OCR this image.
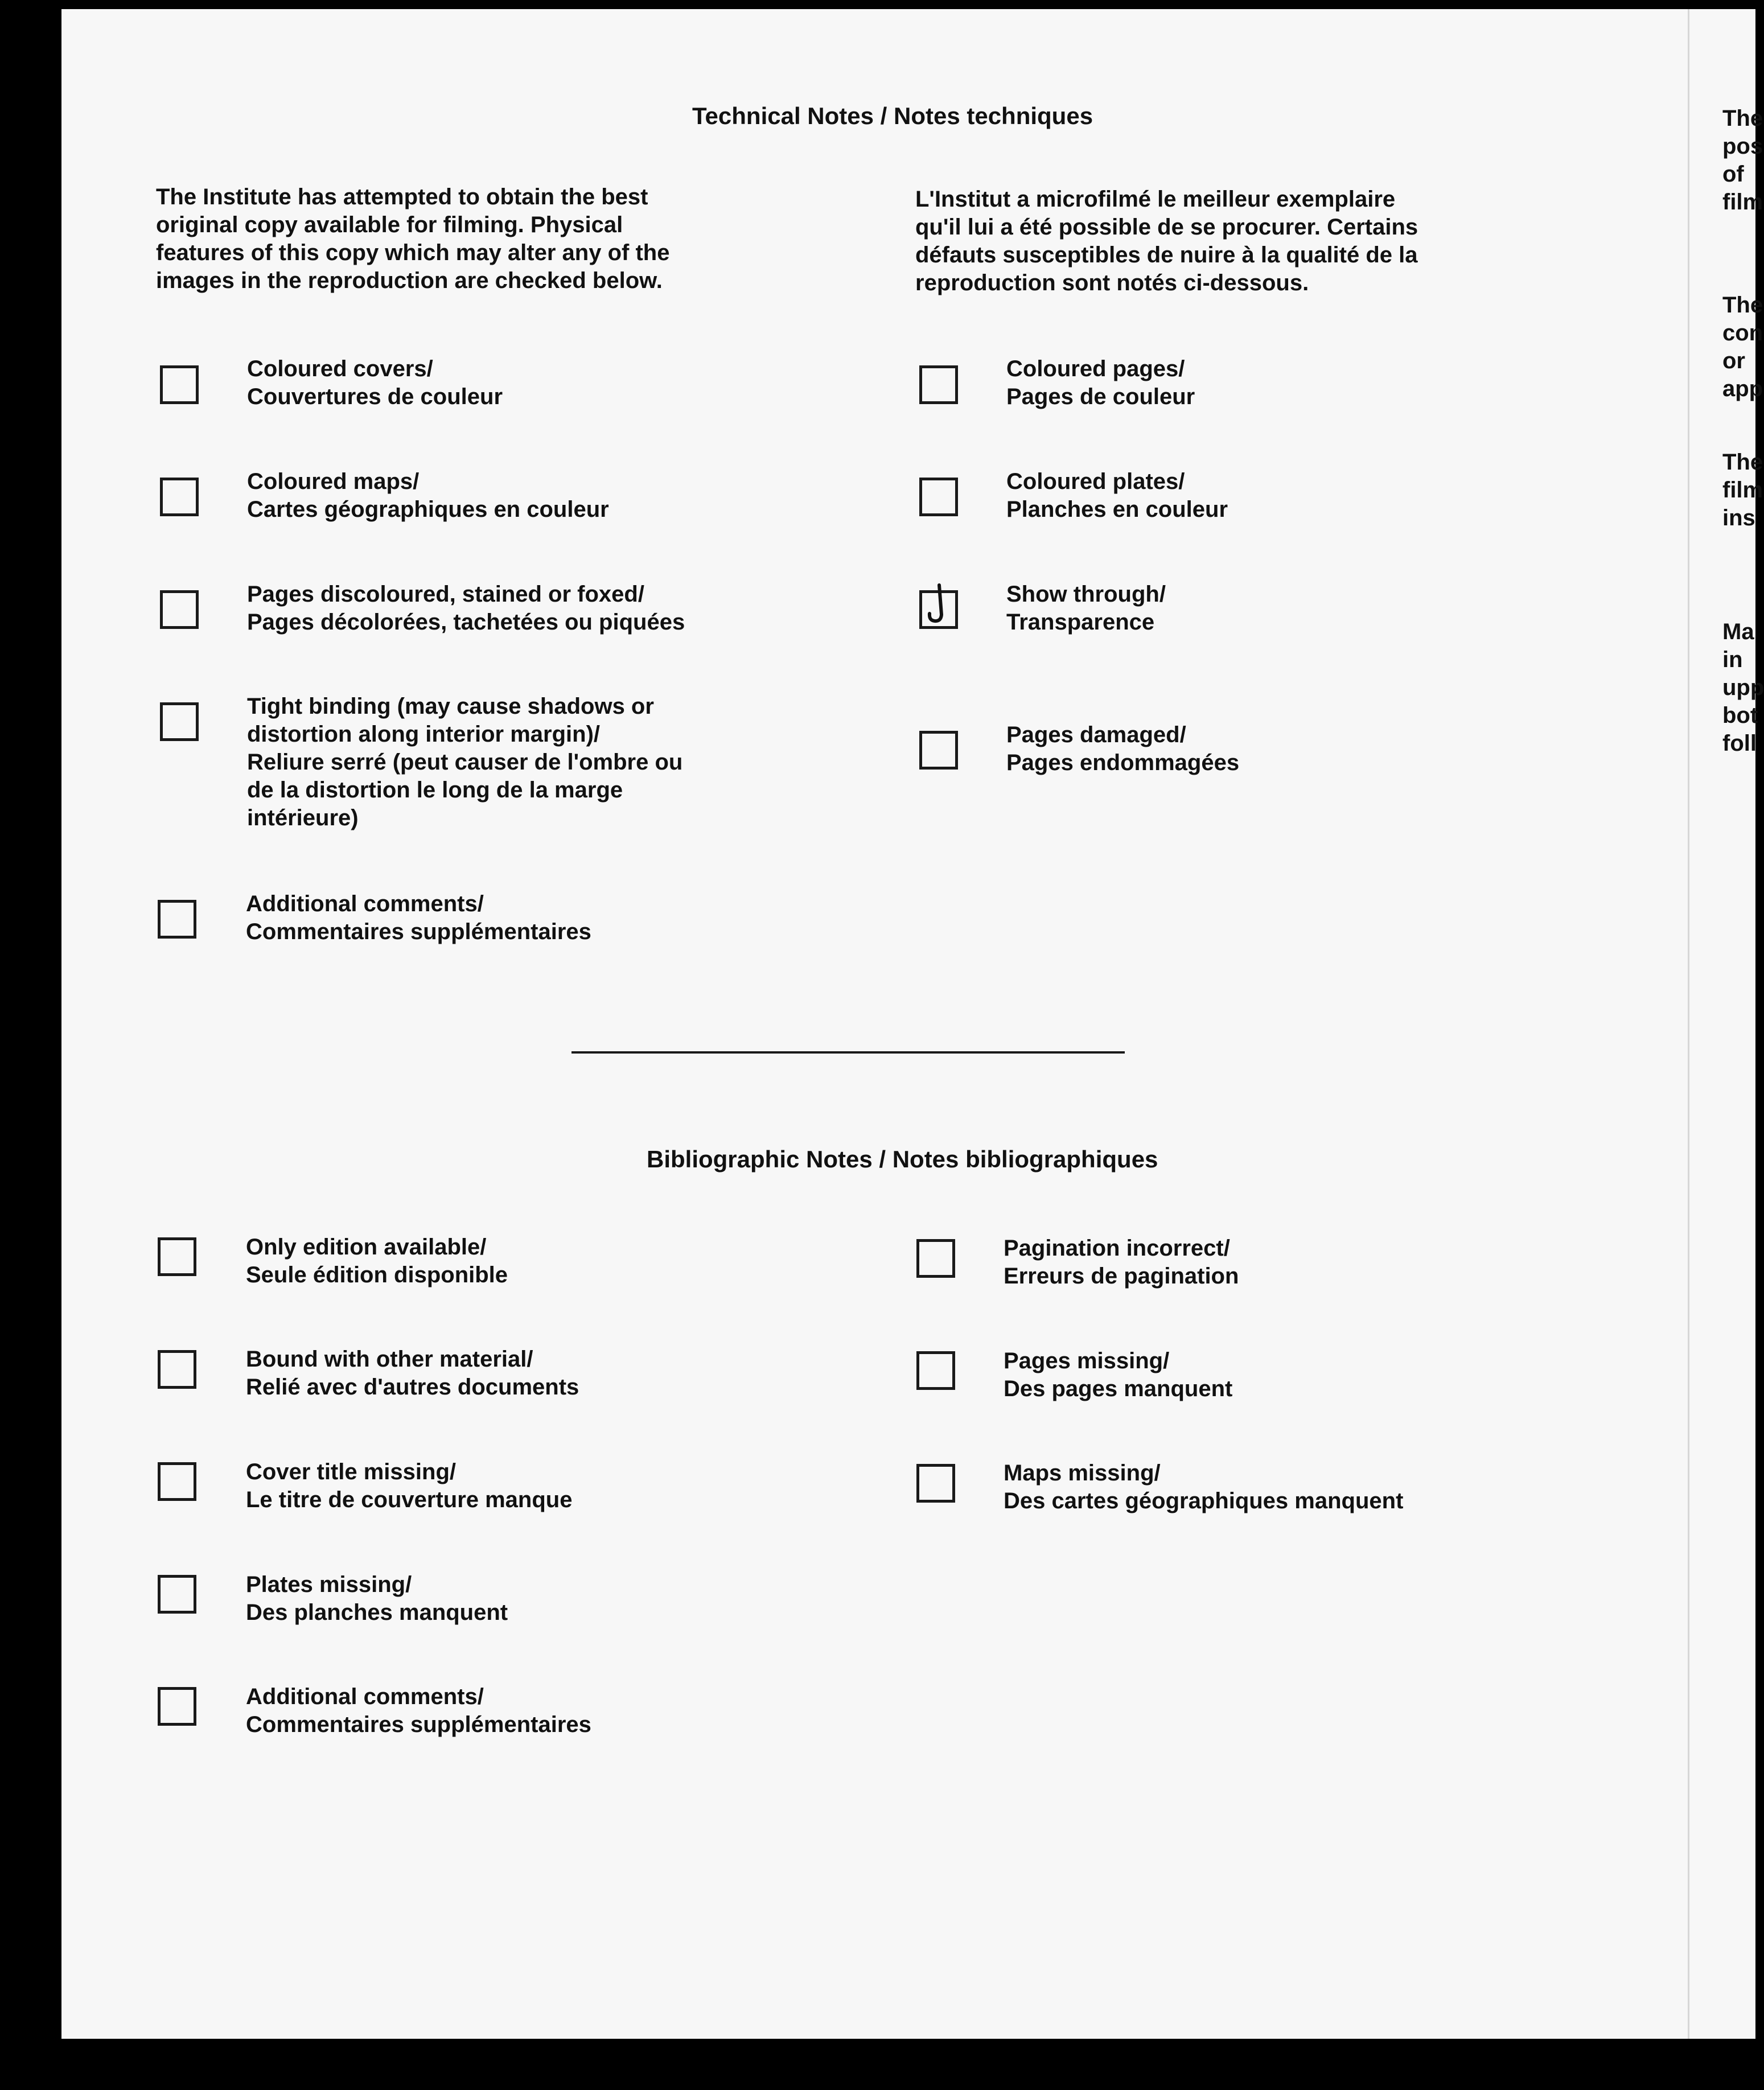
Technical Notes / Notes techniques
The Institute has attempted to obtain the best
original copy available for filming. Physical
features of this copy which may alter any of the
images in the reproduction are checked below.
L'Institut a microfilmé le meilleur exemplaire
qu'il lui a été possible de se procurer. Certains
défauts susceptibles de nuire à la qualité de la
reproduction sont notés ci-dessous.
Coloured covers/
Couvertures de couleur
Coloured maps/
Cartes géographiques en couleur
Pages discoloured, stained or foxed/
Pages décolorées, tachetées ou piquées
Tight binding (may cause shadows or
distortion along interior margin)/
Reliure serré (peut causer de l'ombre ou
de la distortion le long de la marge
intérieure)
Additional comments/
Commentaires supplémentaires
Coloured pages/
Pages de couleur
Coloured plates/
Planches en couleur
Show through/
Transparence
Pages damaged/
Pages endommagées
Bibliographic Notes / Notes bibliographiques
Only edition available/
Seule édition disponible
Bound with other material/
Relié avec d'autres documents
Cover title missing/
Le titre de couverture manque
Plates missing/
Des planches manquent
Additional comments/
Commentaires supplémentaires
Pagination incorrect/
Erreurs de pagination
Pages missing/
Des pages manquent
Maps missing/
Des cartes géographiques manquent
The
pos
of
film
The
con
or
app
The
film
ins
Ma
in
upp
bot
foll
